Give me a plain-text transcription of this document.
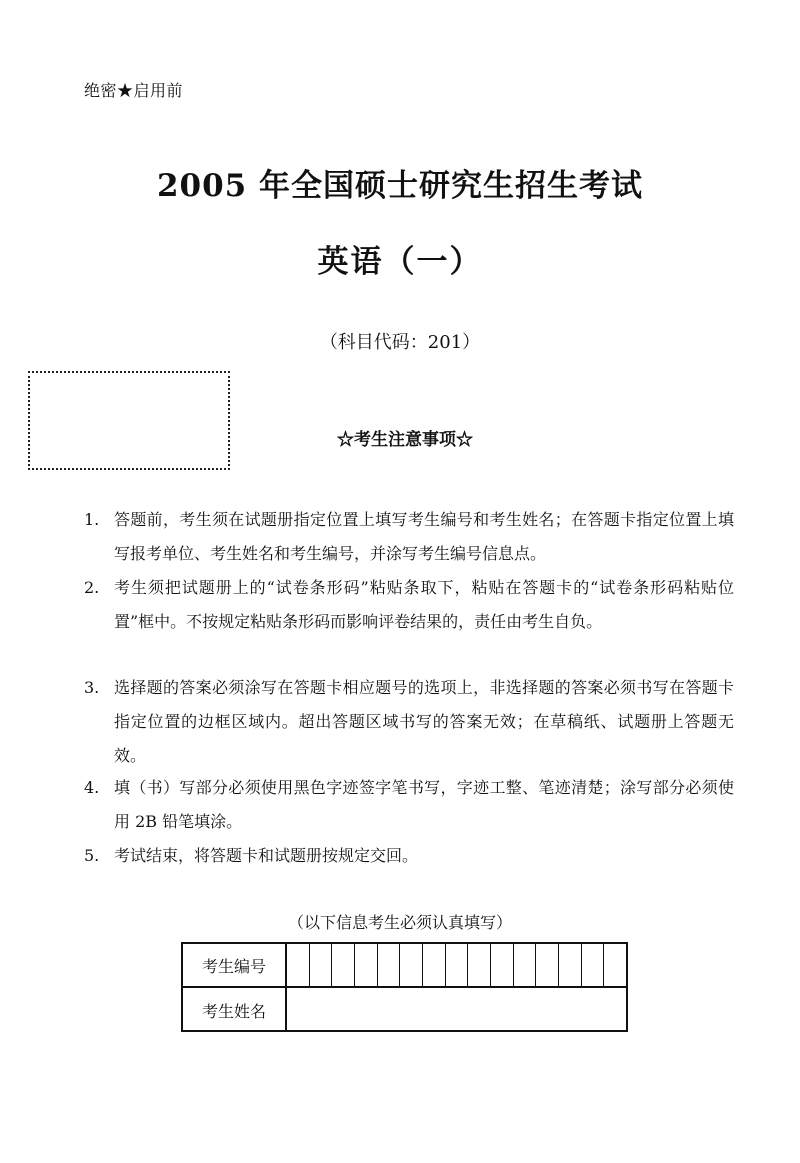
绝密★启用前
2005 年全国硕士研究生招生考试
英语（一）
（科目代码：201）
☆考生注意事项☆
1. 答题前，考生须在试题册指定位置上填写考生编号和考生姓名；在答题卡指定位置上填写报考单位、考生姓名和考生编号，并涂写考生编号信息点。
2. 考生须把试题册上的“试卷条形码”粘贴条取下，粘贴在答题卡的“试卷条形码粘贴位置”框中。不按规定粘贴条形码而影响评卷结果的，责任由考生自负。
3. 选择题的答案必须涂写在答题卡相应题号的选项上，非选择题的答案必须书写在答题卡指定位置的边框区域内。超出答题区域书写的答案无效；在草稿纸、试题册上答题无效。
4. 填（书）写部分必须使用黑色字迹签字笔书写，字迹工整、笔迹清楚；涂写部分必须使用 2B 铅笔填涂。
5. 考试结束，将答题卡和试题册按规定交回。
（以下信息考生必须认真填写）
考生编号
考生姓名
